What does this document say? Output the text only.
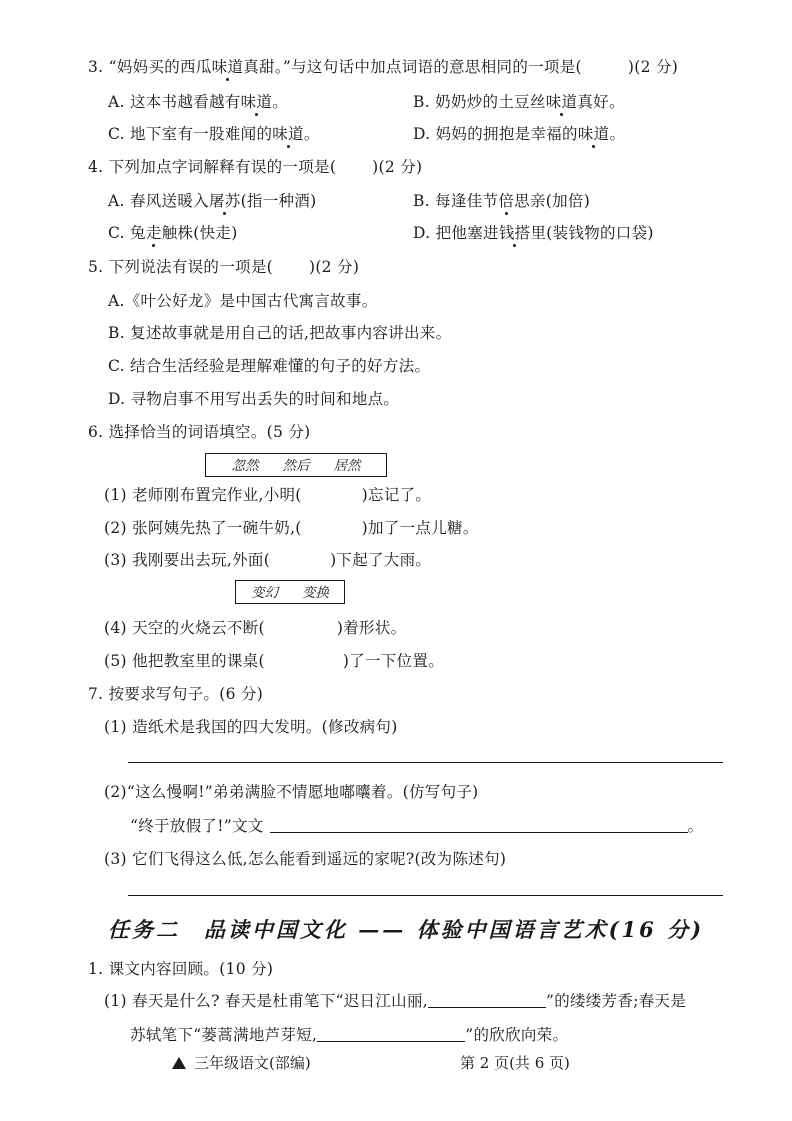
3. “妈妈买的西瓜味道真甜。”与这句话中加点词语的意思相同的一项是(	)(2 分)
A. 这本书越看越有味道。	B. 奶奶炒的土豆丝味道真好。
C. 地下室有一股难闻的味道。	D. 妈妈的拥抱是幸福的味道。
4. 下列加点字词解释有误的一项是( )(2 分)
A. 春风送暖入屠苏(指一种酒)	B. 每逢佳节倍思亲(加倍)
C. 兔走触株(快走)	D. 把他塞进钱搭里(装钱物的口袋)
5. 下列说法有误的一项是( )(2 分)
A.《叶公好龙》是中国古代寓言故事。
B. 复述故事就是用自己的话,把故事内容讲出来。
C. 结合生活经验是理解难懂的句子的好方法。
D. 寻物启事不用写出丢失的时间和地点。
6. 选择恰当的词语填空。(5 分)
忽然 然后 居然
(1) 老师刚布置完作业,小明(	)忘记了。
(2) 张阿姨先热了一碗牛奶,(	)加了一点儿糖。
(3) 我刚要出去玩,外面(	)下起了大雨。
变幻 变换
(4) 天空的火烧云不断(	)着形状。
(5) 他把教室里的课桌(	)了一下位置。
7. 按要求写句子。(6 分)
(1) 造纸术是我国的四大发明。(修改病句)
(2)“这么慢啊!”弟弟满脸不情愿地嘟囔着。(仿写句子)
“终于放假了!”文文	。
(3) 它们飞得这么低,怎么能看到遥远的家呢?(改为陈述句)
任务二　品读中国文化 —— 体验中国语言艺术(16 分)
1. 课文内容回顾。(10 分)
(1) 春天是什么? 春天是杜甫笔下“迟日江山丽,	”的缕缕芳香;春天是
苏轼笔下“蒌蒿满地芦芽短,	”的欣欣向荣。
三年级语文(部编)	第 2 页(共 6 页)
